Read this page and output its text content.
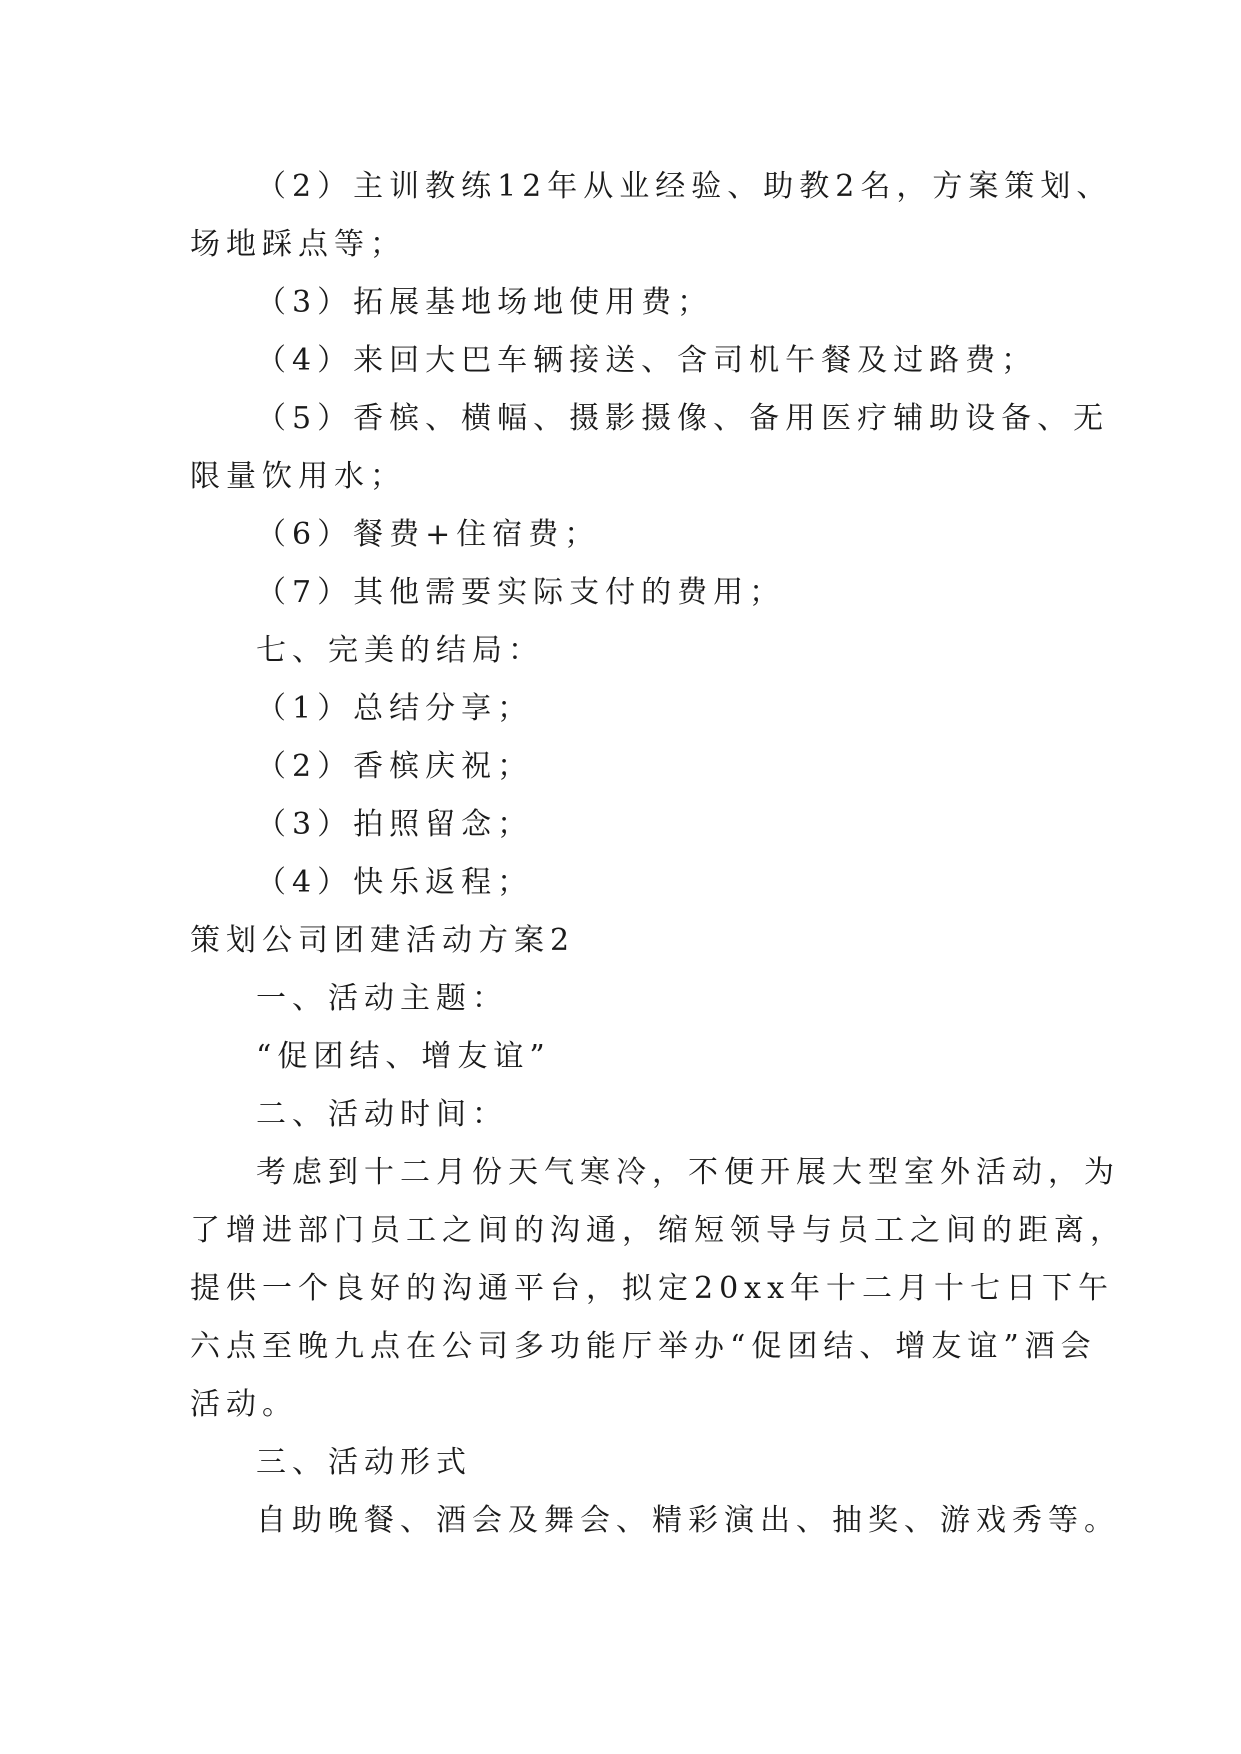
（2）主训教练12年从业经验、助教2名，方案策划、

场地踩点等；

（3）拓展基地场地使用费；

（4）来回大巴车辆接送、含司机午餐及过路费；

（5）香槟、横幅、摄影摄像、备用医疗辅助设备、无

限量饮用水；

（6）餐费+住宿费；

（7）其他需要实际支付的费用；

七、完美的结局：

（1）总结分享；

（2）香槟庆祝；

（3）拍照留念；

（4）快乐返程；

策划公司团建活动方案2

一、活动主题：

“促团结、增友谊”

二、活动时间：

考虑到十二月份天气寒冷，不便开展大型室外活动，为

了增进部门员工之间的沟通，缩短领导与员工之间的距离，

提供一个良好的沟通平台，拟定20xx年十二月十七日下午

六点至晚九点在公司多功能厅举办“促团结、增友谊”酒会

活动。

三、活动形式

自助晚餐、酒会及舞会、精彩演出、抽奖、游戏秀等。
